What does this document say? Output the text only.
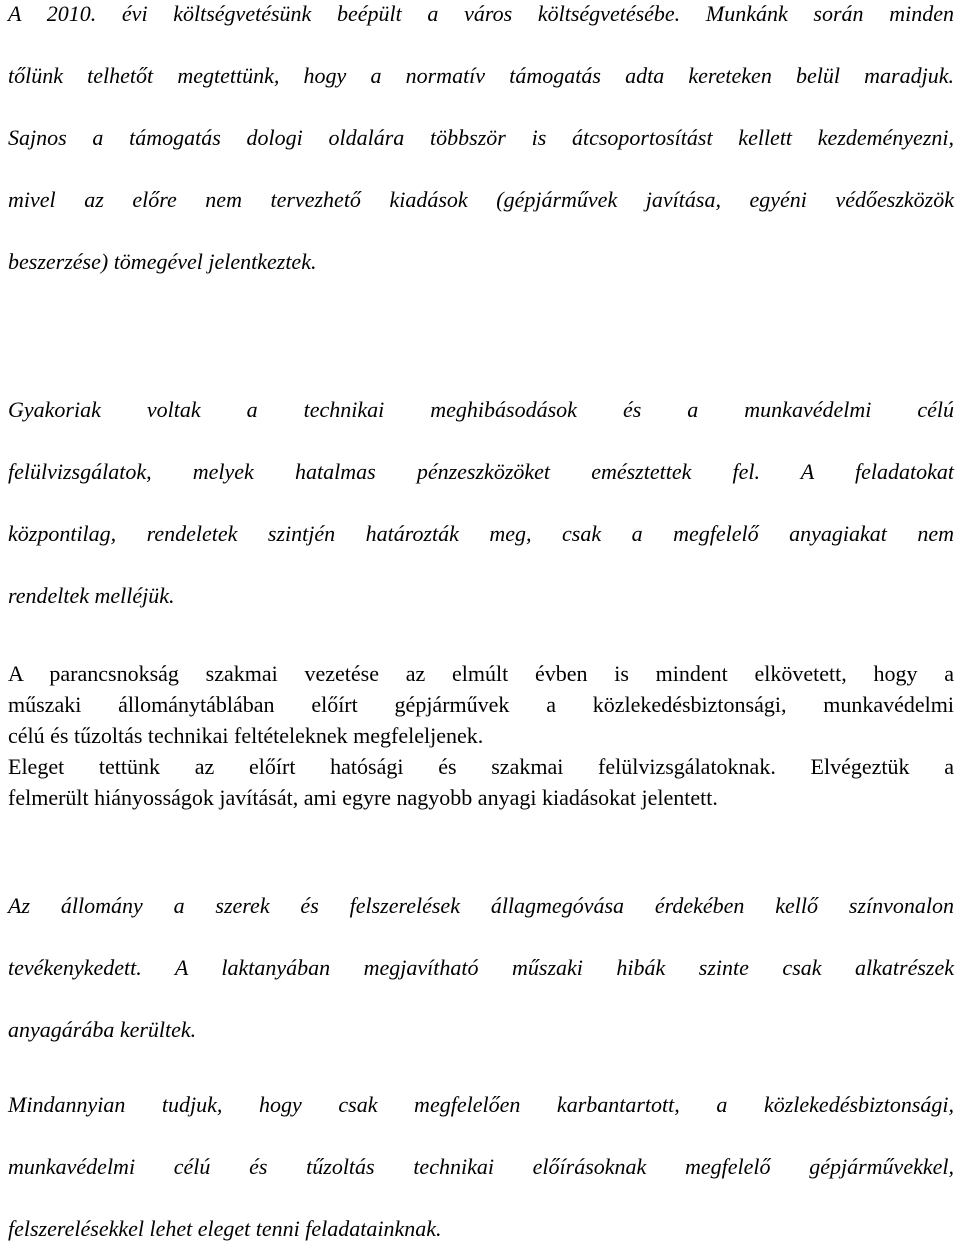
A 2010. évi költségvetésünk beépült a város költségvetésébe. Munkánk során minden
tőlünk telhetőt megtettünk, hogy a normatív támogatás adta kereteken belül maradjuk.
Sajnos a támogatás dologi oldalára többször is átcsoportosítást kellett kezdeményezni,
mivel az előre nem tervezhető kiadások (gépjárművek javítása, egyéni védőeszközök
beszerzése) tömegével jelentkeztek.
Gyakoriak voltak a technikai meghibásodások és a munkavédelmi célú
felülvizsgálatok, melyek hatalmas pénzeszközöket emésztettek fel. A feladatokat
központilag, rendeletek szintjén határozták meg, csak a megfelelő anyagiakat nem
rendeltek melléjük.
A parancsnokság szakmai vezetése az elmúlt évben is mindent elkövetett, hogy a
műszaki állománytáblában előírt gépjárművek a közlekedésbiztonsági, munkavédelmi
célú és tűzoltás technikai feltételeknek megfeleljenek.
Eleget tettünk az előírt hatósági és szakmai felülvizsgálatoknak. Elvégeztük a
felmerült hiányosságok javítását, ami egyre nagyobb anyagi kiadásokat jelentett.
Az állomány a szerek és felszerelések állagmegóvása érdekében kellő színvonalon
tevékenykedett. A laktanyában megjavítható műszaki hibák szinte csak alkatrészek
anyagárába kerültek.
Mindannyian tudjuk, hogy csak megfelelően karbantartott, a közlekedésbiztonsági,
munkavédelmi célú és tűzoltás technikai előírásoknak megfelelő gépjárművekkel,
felszerelésekkel lehet eleget tenni feladatainknak.
